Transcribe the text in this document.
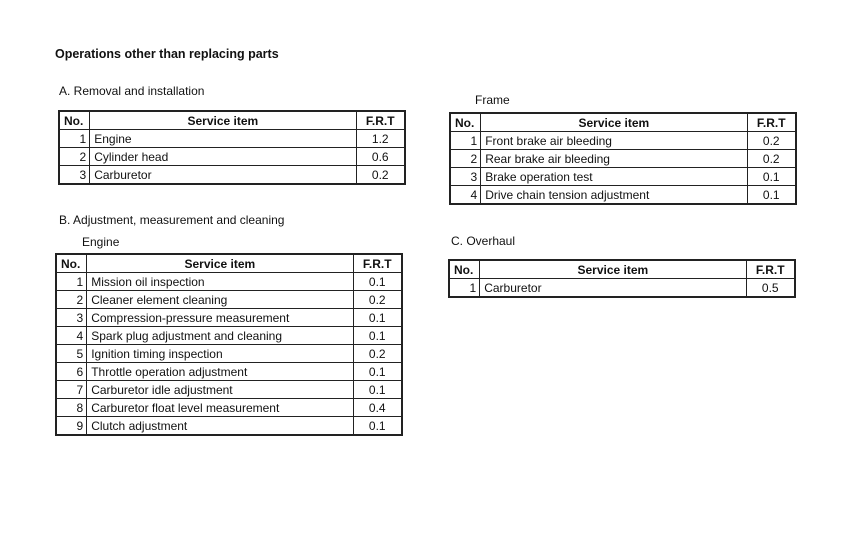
Operations other than replacing parts
A. Removal and installation
No.	Service item	F.R.T
1	Engine	1.2
2	Cylinder head	0.6
3	Carburetor	0.2
Frame
No.	Service item	F.R.T
1	Front brake air bleeding	0.2
2	Rear brake air bleeding	0.2
3	Brake operation test	0.1
4	Drive chain tension adjustment	0.1
B. Adjustment, measurement and cleaning
Engine
No.	Service item	F.R.T
1	Mission oil inspection	0.1
2	Cleaner element cleaning	0.2
3	Compression-pressure measurement	0.1
4	Spark plug adjustment and cleaning	0.1
5	Ignition timing inspection	0.2
6	Throttle operation adjustment	0.1
7	Carburetor idle adjustment	0.1
8	Carburetor float level measurement	0.4
9	Clutch adjustment	0.1
C. Overhaul
No.	Service item	F.R.T
1	Carburetor	0.5
